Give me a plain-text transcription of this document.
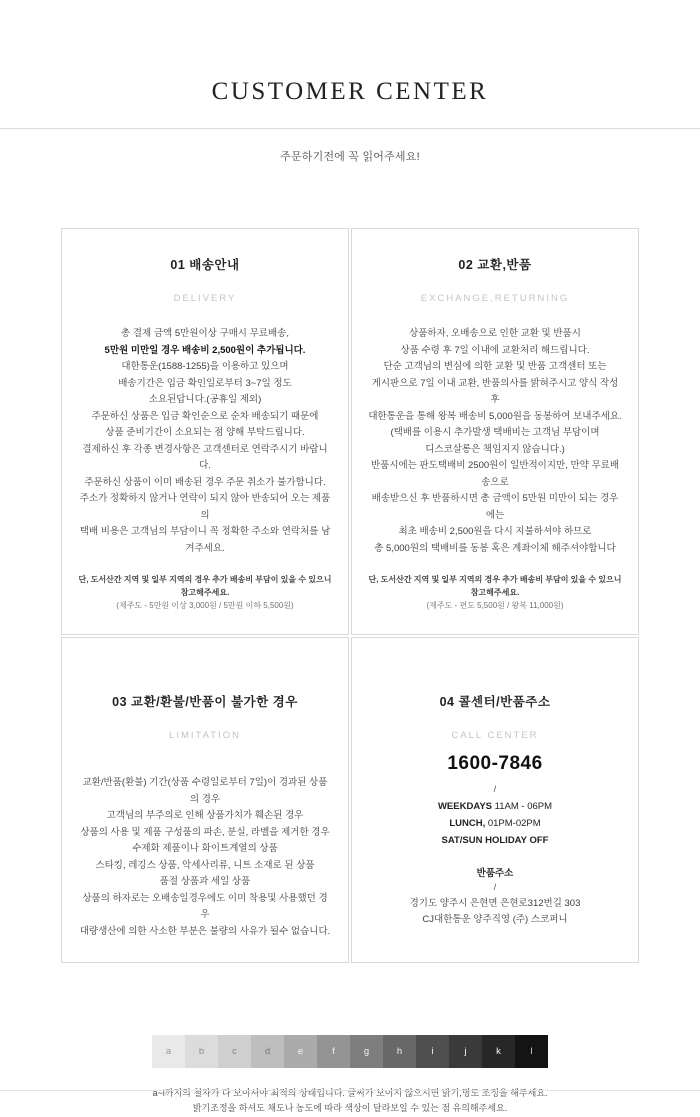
CUSTOMER CENTER
주문하기전에 꼭 읽어주세요!
01 배송안내
DELIVERY
총 결제 금액 5만원이상 구매시 무료배송,
5만원 미만일 경우 배송비 2,500원이 추가됩니다.
대한통운(1588-1255)을 이용하고 있으며
배송기간은 입금 확인일로부터 3~7일 정도
소요된답니다.(공휴일 제외)
주문하신 상품은 입금 확인순으로 순차 배송되기 때문에
상품 준비기간이 소요되는 점 양해 부탁드립니다.
결제하신 후 각종 변경사항은 고객센터로 연락주시기 바랍니다.
주문하신 상품이 이미 배송된 경우 주문 취소가 불가합니다.
주소가 정확하지 않거나 연락이 되지 않아 반송되어 오는 제품의
택배 비용은 고객님의 부담이니 꼭 정확한 주소와 연락처를 남겨주세요.
단, 도서산간 지역 및 일부 지역의 경우 추가 배송비 부담이 있을 수 있으니 참고해주세요.
(제주도 - 5만원 이상 3,000원 / 5만원 이하 5,500원)
02 교환,반품
EXCHANGE,RETURNING
상품하자, 오배송으로 인한 교환 및 반품시
상품 수령 후 7일 이내에 교환처리 해드립니다.
단순 고객님의 변심에 의한 교환 및 반품 고객센터 또는
게시판으로 7일 이내 교환, 반품의사를 밝혀주시고 양식 작성후
대한통운을 통해 왕복 배송비 5,000원을 동봉하여 보내주세요.
(택배를 이용시 추가발생 택배비는 고객님 부담이며
디스코살롱은 책임지지 않습니다.)
반품시에는 판도택배비 2500원이 일반적이지만, 만약 무료배송으로
배송받으신 후 반품하시면 총 금액이 5만원 미만이 되는 경우에는
최초 배송비 2,500원을 다시 지불하셔야 하므로
총 5,000원의 택배비를 동봉 혹은 계좌이체 해주셔야합니다
단, 도서산간 지역 및 일부 지역의 경우 추가 배송비 부담이 있을 수 있으니 참고해주세요.
(제주도 - 편도 5,500원 / 왕복 11,000원)
03 교환/환불/반품이 불가한 경우
LIMITATION
교환/반품(환불) 기간(상품 수령일로부터 7일)이 경과된 상품의 경우
고객님의 부주의로 인해 상품가치가 훼손된 경우
상품의 사용 및 제품 구성품의 파손, 분실, 라벨을 제거한 경우
수제화 제품이나 화이트계열의 상품
스타킹, 레깅스 상품, 악세사리류, 니트 소재로 된 상품
품절 상품과 세일 상품
상품의 하자로는 오배송일경우에도 이미 착용및 사용했던 경우
대량생산에 의한 사소한 부분은 불량의 사유가 될수 없습니다.
04 콜센터/반품주소
CALL CENTER
1600-7846
/
WEEKDAYS 11AM - 06PM
LUNCH, 01PM-02PM
SAT/SUN HOLIDAY OFF
반품주소
/
경기도 양주시 은현면 은현로312번길 303
CJ대한통운 양주직영 (주) 스코퍼니
a	b	c	d	e	f	g	h	i	j	k	l
a~l까지의 철자가 다 보이셔야 최적의 상태입니다. 글씨가 보이지 않으시면 밝기,명도 조정을 해주세요.
밝기조정을 하셔도 채도나 농도에 따라 색상이 달라보일 수 있는 점 유의해주세요.
